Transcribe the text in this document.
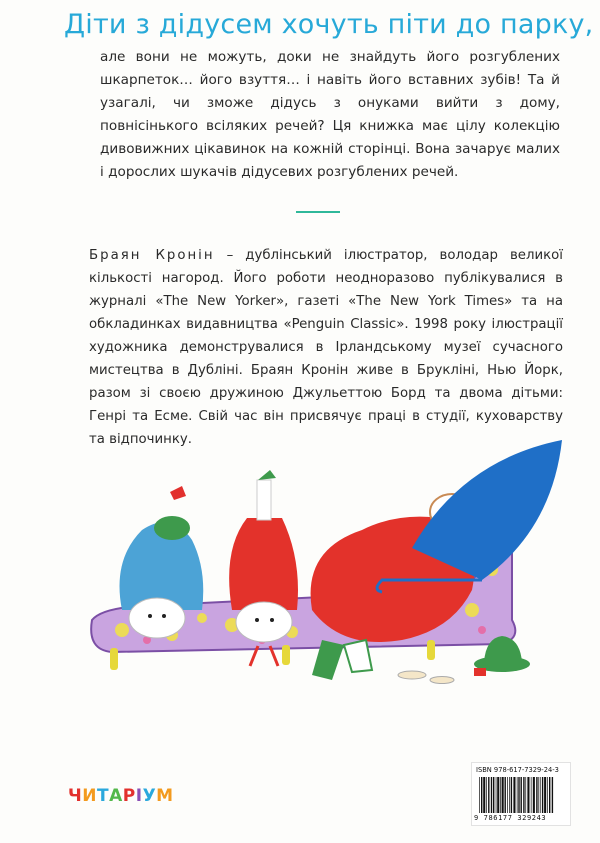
Діти з дідусем хочуть піти до парку,

але вони не можуть, доки не знайдуть його розгублених шкарпеток… його взуття… і навіть його вставних зубів! Та й узагалі, чи зможе дідусь з онуками вийти з дому, повнісінького всіляких речей? Ця книжка має цілу колекцію дивовижних цікавинок на кожній сторінці. Вона зачарує малих і дорослих шукачів дідусевих розгублених речей.

Браян Кронін – дублінський ілюстратор, володар великої кількості нагород. Його роботи неодноразово публікувалися в журналі «The New Yorker», газеті «The New York Times» та на обкладинках видавництва «Penguin Classic». 1998 року ілюстрації художника демонструвалися в Ірландському музеї сучасного мистецтва в Дубліні. Браян Кронін живе в Брукліні, Нью Йорк, разом зі своєю дружиною Джульеттою Борд та двома дітьми: Генрі та Есме. Свій час він присвячує праці в студії, куховарству та відпочинку.
ЧИТАРІУМ
ISBN 978-617-7329-24-3
9 786177 329243
